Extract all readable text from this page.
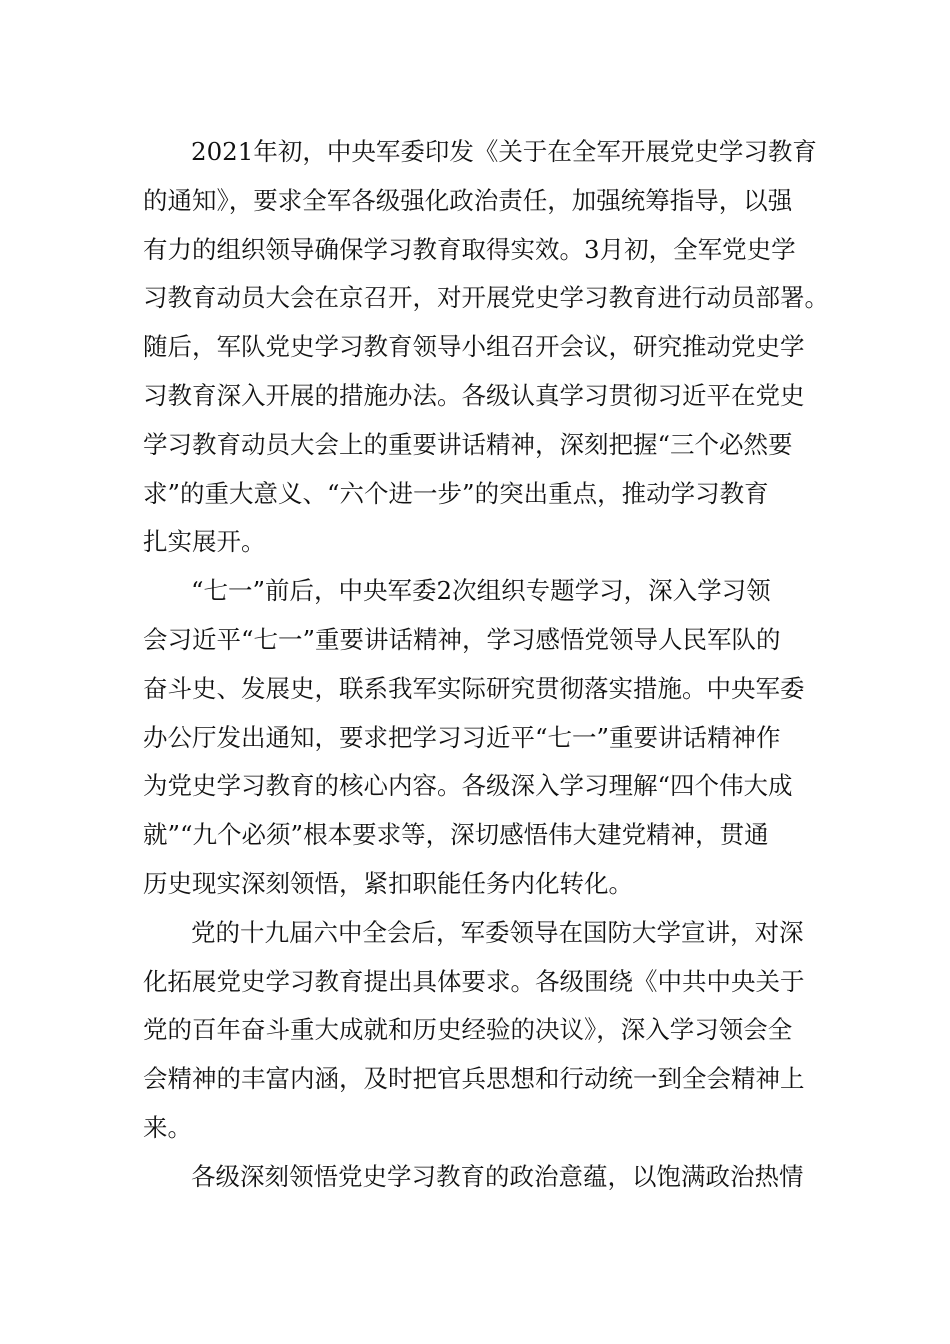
2021年初，中央军委印发《关于在全军开展党史学习教育
的通知》，要求全军各级强化政治责任，加强统筹指导，以强
有力的组织领导确保学习教育取得实效。3月初，全军党史学
习教育动员大会在京召开，对开展党史学习教育进行动员部署。
随后，军队党史学习教育领导小组召开会议，研究推动党史学
习教育深入开展的措施办法。各级认真学习贯彻习近平在党史
学习教育动员大会上的重要讲话精神，深刻把握“三个必然要
求”的重大意义、“六个进一步”的突出重点，推动学习教育
扎实展开。
“七一”前后，中央军委2次组织专题学习，深入学习领
会习近平“七一”重要讲话精神，学习感悟党领导人民军队的
奋斗史、发展史，联系我军实际研究贯彻落实措施。中央军委
办公厅发出通知，要求把学习习近平“七一”重要讲话精神作
为党史学习教育的核心内容。各级深入学习理解“四个伟大成
就”“九个必须”根本要求等，深切感悟伟大建党精神，贯通
历史现实深刻领悟，紧扣职能任务内化转化。
党的十九届六中全会后，军委领导在国防大学宣讲，对深
化拓展党史学习教育提出具体要求。各级围绕《中共中央关于
党的百年奋斗重大成就和历史经验的决议》，深入学习领会全
会精神的丰富内涵，及时把官兵思想和行动统一到全会精神上
来。
各级深刻领悟党史学习教育的政治意蕴，以饱满政治热情
